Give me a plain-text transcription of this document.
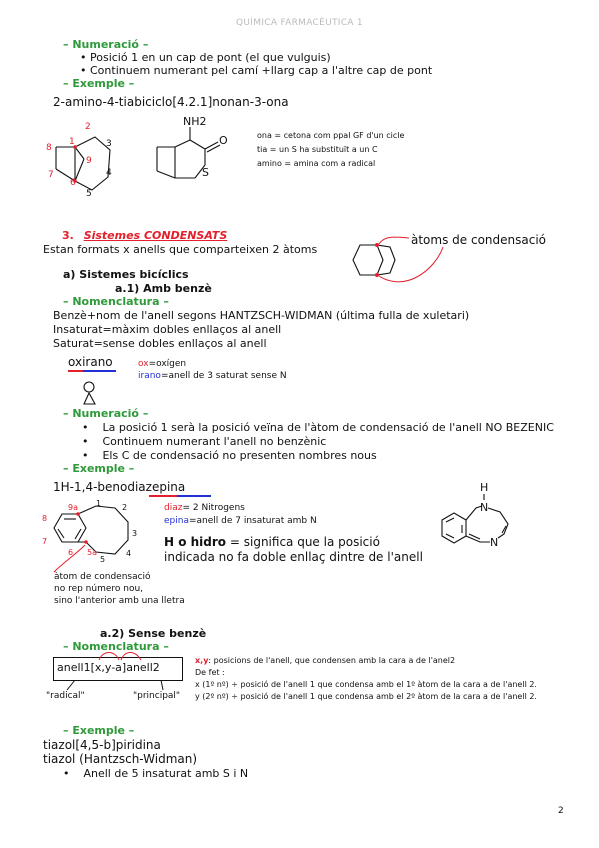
QUÍMICA FARMACÈUTICA 1
– Numeració –
• Posició 1 en un cap de pont (el que vulguis)
• Continuem numerant pel camí +llarg cap a l'altre cap de pont
– Exemple –
2-amino-4-tiabiciclo[4.2.1]nonan-3-ona
1
2
3
4
5
6
7
8
9
NH2
O
S
ona = cetona com ppal GF d'un cicle
tia = un S ha substituït a un C
amino = amina com a radical
3. Sistemes CONDENSATS
Estan formats x anells que comparteixen 2 àtoms
àtoms de condensació
a) Sistemes bicíclics
a.1) Amb benzè
– Nomenclatura –
Benzè+nom de l'anell segons HANTZSCH-WIDMAN (última fulla de xuletari)
Insaturat=màxim dobles enllaços al anell
Saturat=sense dobles enllaços al anell
oxirano	ox=oxígen
irano=anell de 3 saturat sense N
– Numeració –
•    La posició 1 serà la posició veïna de l'àtom de condensació de l'anell NO BEZENIC
•    Continuem numerant l'anell no benzènic
•    Els C de condensació no presenten nombres nous
– Exemple –
1H-1,4-benodiazepina
8
7
6
9a
5a
1	2
3
4
5
àtom de condensació
no rep número nou,
sino l'anterior amb una lletra
diaz= 2 Nitrogens
epina=anell de 7 insaturat amb N
H o hidro = significa que la posició
indicada no fa doble enllaç dintre de l'anell
H
N
N
a.2) Sense benzè
– Nomenclatura –
anell1[x,y-a]anell2
"radical"	"principal"
x,y: posicions de l'anell, que condensen amb la cara a de l'anel2
De fet :
x (1º nº) ÷ posició de l'anell 1 que condensa amb el 1º àtom de la cara a de l'anell 2.
y (2º nº) ÷ posició de l'anell 1 que condensa amb el 2º àtom de la cara a de l'anell 2.
– Exemple –
tiazol[4,5-b]piridina
tiazol (Hantzsch-Widman)
•    Anell de 5 insaturat amb S i N
2
